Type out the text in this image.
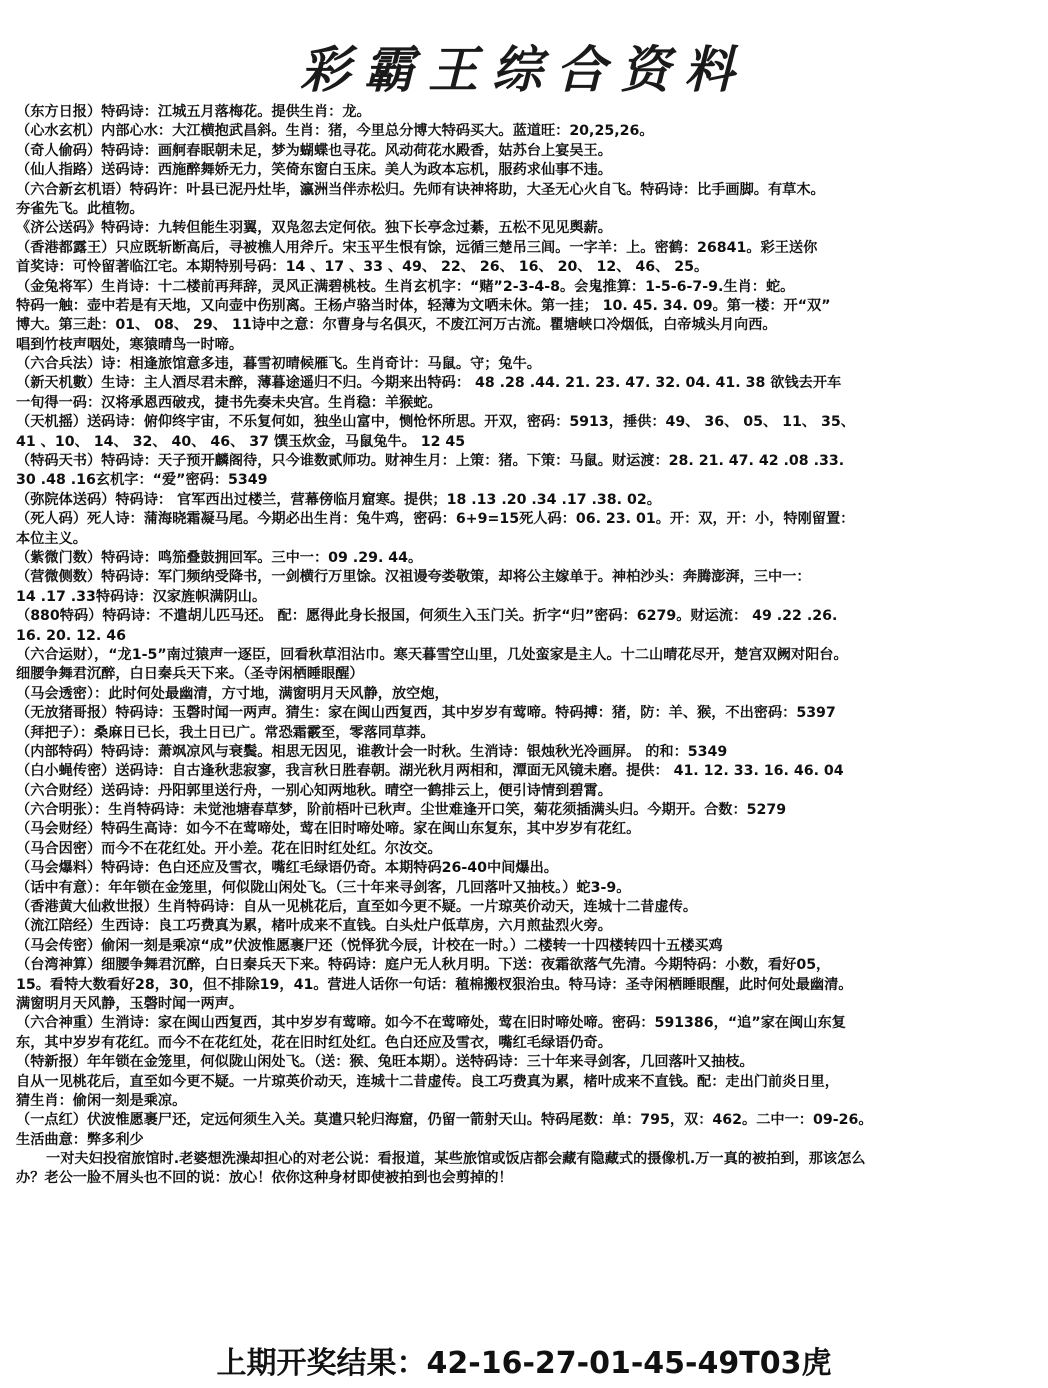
彩霸王综合资料
（东方日报）特码诗：江城五月落梅花。提供生肖：龙。
（心水玄机）内部心水：大江横抱武昌斜。生肖：猪，今里总分博大特码买大。蓝道旺：20,25,26。
（奇人偷码）特码诗：画舸春眠朝未足，梦为蝴蝶也寻花。风动荷花水殿香，姑苏台上宴吴王。
（仙人指路）送码诗：西施醉舞娇无力，笑倚东窗白玉床。美人为政本忘机，服药求仙事不违。
（六合新玄机语）特码许：叶县已泥丹灶毕，瀛洲当伴赤松归。先师有诀神将助，大圣无心火自飞。特码诗：比手画脚。有草木。
夯雀先飞。此植物。
《济公送码》特码诗：九转但能生羽翼，双凫忽去定何依。独下长亭念过綦，五松不见见舆薪。
（香港都露王）只应既斩断高后，寻被樵人用斧斤。宋玉平生恨有馀，远循三楚吊三闾。一字羊：上。密鹤：26841。彩王送你
首奖诗：可怜留著临江宅。本期特别号码：14 、17 、33 、49、 22、 26、 16、 20、 12、 46、 25。
（金兔将军）生肖诗：十二楼前再拜辞，灵风正满碧桃枝。生肖玄机字：“赌”2-3-4-8。会鬼推算：1-5-6-7-9.生肖：蛇。
特码一触：壶中若是有天地，又向壶中伤别离。王杨卢骆当时体，轻薄为文哂未休。第一挂； 10. 45. 34. 09。第一楼：开“双”
博大。第三赴：01、 08、 29、 11诗中之意：尔曹身与名俱灭，不废江河万古流。瞿塘峡口冷烟低，白帝城头月向西。
唱到竹枝声咽处，寒猿晴鸟一时啼。
（六合兵法）诗：相逢旅馆意多违，暮雪初晴候雁飞。生肖奇计：马鼠。守；兔牛。
（新天机數）生诗：主人酒尽君未醉，薄暮途遥归不归。今期来出特码： 48 .28 .44. 21. 23. 47. 32. 04. 41. 38 欲钱去开车
一旬得一码：汉将承恩西破戎，捷书先奏未央宫。生肖稳：羊猴蛇。
（天机摇）送码诗：俯仰终宇宙，不乐复何如，独坐山富中，恻怆怀所思。开双，密码：5913，捶供：49、 36、 05、 11、 35、
41 、10、 14、 32、 40、 46、 37 馔玉炊金，马鼠兔牛。 12 45
（特码天书）特码诗：天子预开麟阁待，只今谁数贰师功。财神生月：上策：猪。下策：马鼠。财运渡：28. 21. 47. 42 .08 .33.
30 .48 .16玄机字：“爱”密码：5349
（弥院体送码）特码诗： 官军西出过楼兰，营幕傍临月窟寒。提供；18 .13 .20 .34 .17 .38. 02。
（死人码）死人诗：蒲海晓霜凝马尾。今期必出生肖：兔牛鸡，密码：6+9=15死人码：06. 23. 01。开：双，开：小，特刚留置：
本位主义。
（紫微门数）特码诗：鸣笳叠鼓拥回军。三中一：09 .29. 44。
（营微侧数）特码诗：军门频纳受降书，一剑横行万里馀。汉祖谩夸娄敬策，却将公主嫁单于。神柏沙头：奔腾澎湃，三中一：
14 .17 .33特码诗：汉家旌帜满阴山。
（880特码）特码诗：不遣胡儿匹马还。 配：愿得此身长报国，何须生入玉门关。折字“归”密码：6279。财运流： 49 .22 .26.
16. 20. 12. 46
（六合运财），“龙1-5”南过猿声一逐臣，回看秋草泪沾巾。寒天暮雪空山里，几处蛮家是主人。十二山晴花尽开，楚宫双阙对阳台。
细腰争舞君沉醉，白日秦兵天下来。（圣寺闲栖睡眼醒）
（马会透密）：此时何处最幽清，方寸地，满窗明月天风静，放空炮，
（无放猪哥报）特码诗：玉磬时闻一两声。猜生：家在闽山西复西，其中岁岁有莺啼。特码搏：猪，防：羊、猴，不出密码：5397
（拜把子）：桑麻日已长，我土日已广。常恐霜霰至，零落同草莽。
（内部特码）特码诗：萧飒凉风与衰鬓。相思无因见，谁教计会一时秋。生消诗：银烛秋光冷画屏。 的和：5349
（白小蝇传密）送码诗：自古逢秋悲寂寥，我言秋日胜春朝。湖光秋月两相和，潭面无风镜未磨。提供： 41. 12. 33. 16. 46. 04
（六合财经）送码诗：丹阳郭里送行舟，一别心知两地秋。晴空一鹤排云上，便引诗情到碧霄。
（六合明张）：生肖特码诗：未觉池塘春草梦，阶前梧叶已秋声。尘世难逢开口笑，菊花须插满头归。今期开。合数：5279
（马会财经）特码生高诗：如今不在莺啼处，莺在旧时啼处啼。家在闽山东复东，其中岁岁有花红。
（马合因密）而今不在花红处。开小差。花在旧时红处红。尔汝交。
（马会爆料）特码诗：色白还应及雪衣，嘴红毛绿语仍奇。本期特码26-40中间爆出。
（话中有意）：年年锁在金笼里，何似陇山闲处飞。（三十年来寻剑客，几回落叶又抽枝。）蛇3-9。
（香港黄大仙救世报）生肖特码诗：自从一见桃花后，直至如今更不疑。一片琼英价动天，连城十二昔虚传。
（流江陪经）生西诗：良工巧费真为累，楮叶成来不直钱。白头灶户低草房，六月煎盐烈火旁。
（马会传密）偷闲一刻是乘凉“成”伏波惟愿裹尸还（悦怿犹今辰，计校在一时。）二楼转一十四楼转四十五楼买鸡
（台湾神算）细腰争舞君沉醉，白日秦兵天下来。特码诗：庭户无人秋月明。下送：夜霜欲落气先清。今期特码：小数，看好05，
15。看特大数看好28，30，但不排除19，41。营进人话你一句话：稙棉搬杈狠治虫。特马诗：圣寺闲栖睡眼醒，此时何处最幽清。
满窗明月天风静，玉磬时闻一两声。
（六合神重）生消诗：家在闽山西复西，其中岁岁有莺啼。如今不在莺啼处，莺在旧时啼处啼。密码：591386，“追”家在闽山东复
东，其中岁岁有花红。而今不在花红处，花在旧时红处红。色白还应及雪衣，嘴红毛绿语仍奇。
（特新报）年年锁在金笼里，何似陇山闲处飞。（送：猴、兔旺本期）。送特码诗：三十年来寻剑客，几回落叶又抽枝。
自从一见桃花后，直至如今更不疑。一片琼英价动天，连城十二昔虚传。良工巧费真为累，楮叶成来不直钱。配：走出门前炎日里，
猜生肖：偷闲一刻是乘凉。
（一点红）伏波惟愿裹尸还，定远何须生入关。莫遣只轮归海窟，仍留一箭射天山。特码尾数：单：795，双：462。二中一：09-26。
生活曲意：弊多利少
一对夫妇投宿旅馆时.老婆想洗澡却担心的对老公说：看报道，某些旅馆或饭店都会藏有隐藏式的摄像机.万一真的被拍到，那该怎么
办？老公一脸不屑头也不回的说：放心！依你这种身材即使被拍到也会剪掉的！
上期开奖结果：42-16-27-01-45-49T03虎
